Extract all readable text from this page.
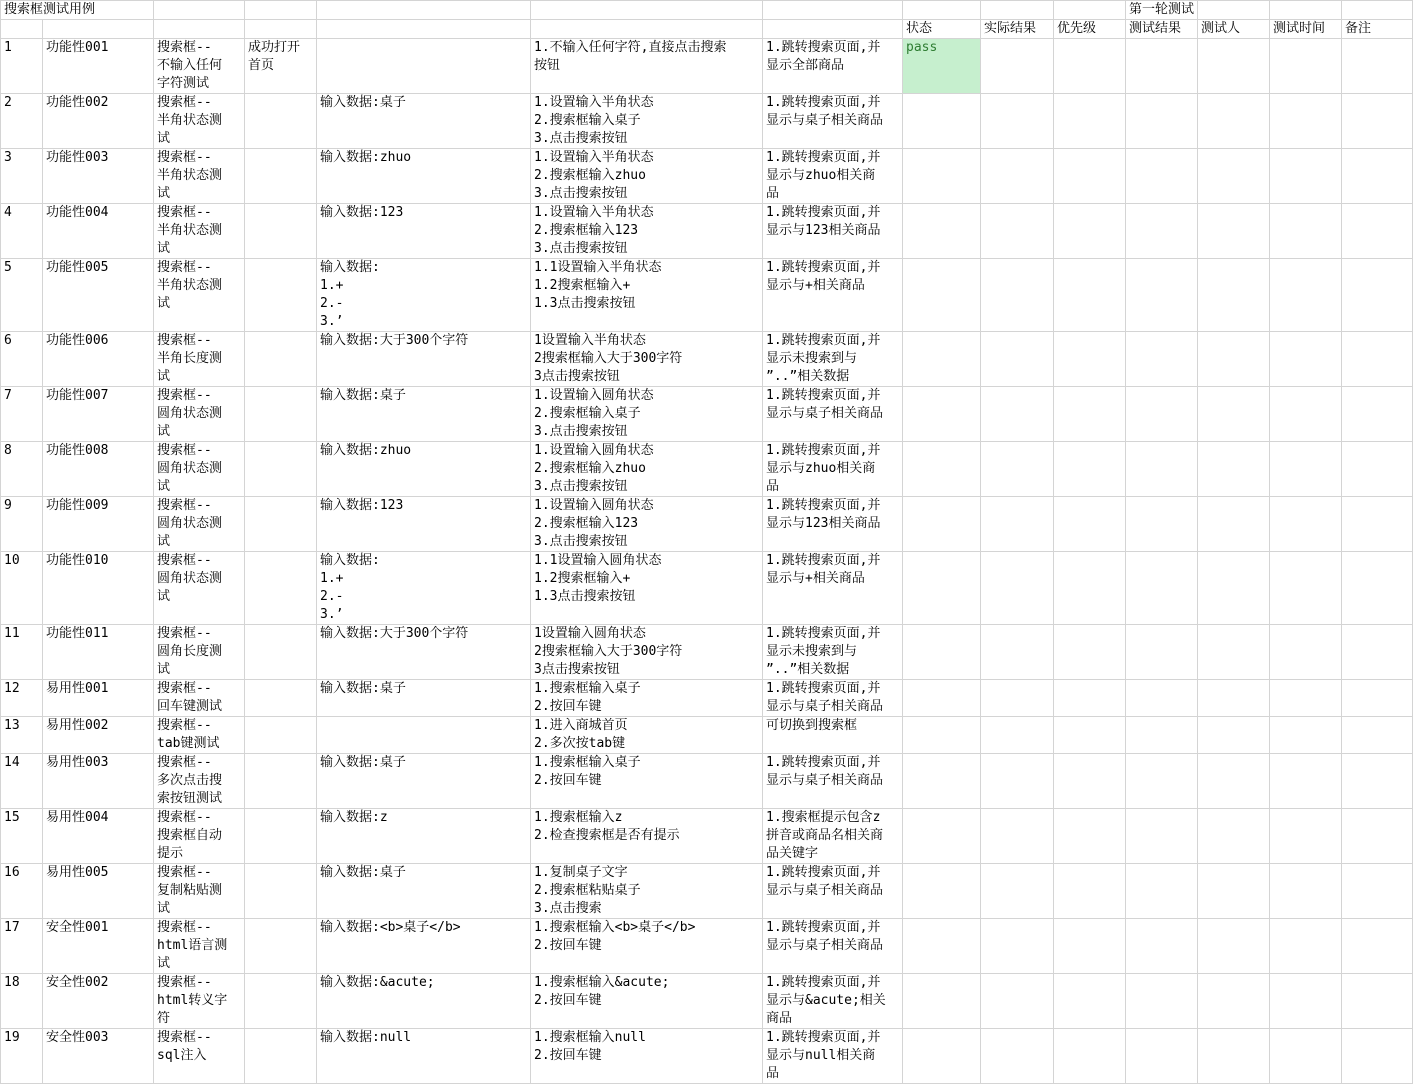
搜索框测试用例										第一轮测试			
							状态	实际结果	优先级	测试结果	测试人	测试时间	备注
1	功能性001	搜索框--
不输入任何
字符测试	成功打开
首页		1.不输入任何字符,直接点击搜索
按钮	1.跳转搜索页面,并
显示全部商品	pass						
2	功能性002	搜索框--
半角状态测
试		输入数据:桌子	1.设置输入半角状态
2.搜索框输入桌子
3.点击搜索按钮	1.跳转搜索页面,并
显示与桌子相关商品							
3	功能性003	搜索框--
半角状态测
试		输入数据:zhuo	1.设置输入半角状态
2.搜索框输入zhuo
3.点击搜索按钮	1.跳转搜索页面,并
显示与zhuo相关商
品							
4	功能性004	搜索框--
半角状态测
试		输入数据:123	1.设置输入半角状态
2.搜索框输入123
3.点击搜索按钮	1.跳转搜索页面,并
显示与123相关商品							
5	功能性005	搜索框--
半角状态测
试		输入数据:
1.+
2.-
3.’	1.1设置输入半角状态
1.2搜索框输入+
1.3点击搜索按钮	1.跳转搜索页面,并
显示与+相关商品							
6	功能性006	搜索框--
半角长度测
试		输入数据:大于300个字符	1设置输入半角状态
2搜索框输入大于300字符
3点击搜索按钮	1.跳转搜索页面,并
显示未搜索到与
”..”相关数据							
7	功能性007	搜索框--
圆角状态测
试		输入数据:桌子	1.设置输入圆角状态
2.搜索框输入桌子
3.点击搜索按钮	1.跳转搜索页面,并
显示与桌子相关商品							
8	功能性008	搜索框--
圆角状态测
试		输入数据:zhuo	1.设置输入圆角状态
2.搜索框输入zhuo
3.点击搜索按钮	1.跳转搜索页面,并
显示与zhuo相关商
品							
9	功能性009	搜索框--
圆角状态测
试		输入数据:123	1.设置输入圆角状态
2.搜索框输入123
3.点击搜索按钮	1.跳转搜索页面,并
显示与123相关商品							
10	功能性010	搜索框--
圆角状态测
试		输入数据:
1.+
2.-
3.’	1.1设置输入圆角状态
1.2搜索框输入+
1.3点击搜索按钮	1.跳转搜索页面,并
显示与+相关商品							
11	功能性011	搜索框--
圆角长度测
试		输入数据:大于300个字符	1设置输入圆角状态
2搜索框输入大于300字符
3点击搜索按钮	1.跳转搜索页面,并
显示未搜索到与
”..”相关数据							
12	易用性001	搜索框--
回车键测试		输入数据:桌子	1.搜索框输入桌子
2.按回车键	1.跳转搜索页面,并
显示与桌子相关商品							
13	易用性002	搜索框--
tab键测试			1.进入商城首页
2.多次按tab键	可切换到搜索框							
14	易用性003	搜索框--
多次点击搜
索按钮测试		输入数据:桌子	1.搜索框输入桌子
2.按回车键	1.跳转搜索页面,并
显示与桌子相关商品							
15	易用性004	搜索框--
搜索框自动
提示		输入数据:z	1.搜索框输入z
2.检查搜索框是否有提示	1.搜索框提示包含z
拼音或商品名相关商
品关键字							
16	易用性005	搜索框--
复制粘贴测
试		输入数据:桌子	1.复制桌子文字
2.搜索框粘贴桌子
3.点击搜索	1.跳转搜索页面,并
显示与桌子相关商品							
17	安全性001	搜索框--
html语言测
试		输入数据:<b>桌子</b>	1.搜索框输入<b>桌子</b>
2.按回车键	1.跳转搜索页面,并
显示与桌子相关商品							
18	安全性002	搜索框--
html转义字
符		输入数据:&acute;	1.搜索框输入&acute;
2.按回车键	1.跳转搜索页面,并
显示与&acute;相关
商品							
19	安全性003	搜索框--
sql注入		输入数据:null	1.搜索框输入null
2.按回车键	1.跳转搜索页面,并
显示与null相关商
品							
